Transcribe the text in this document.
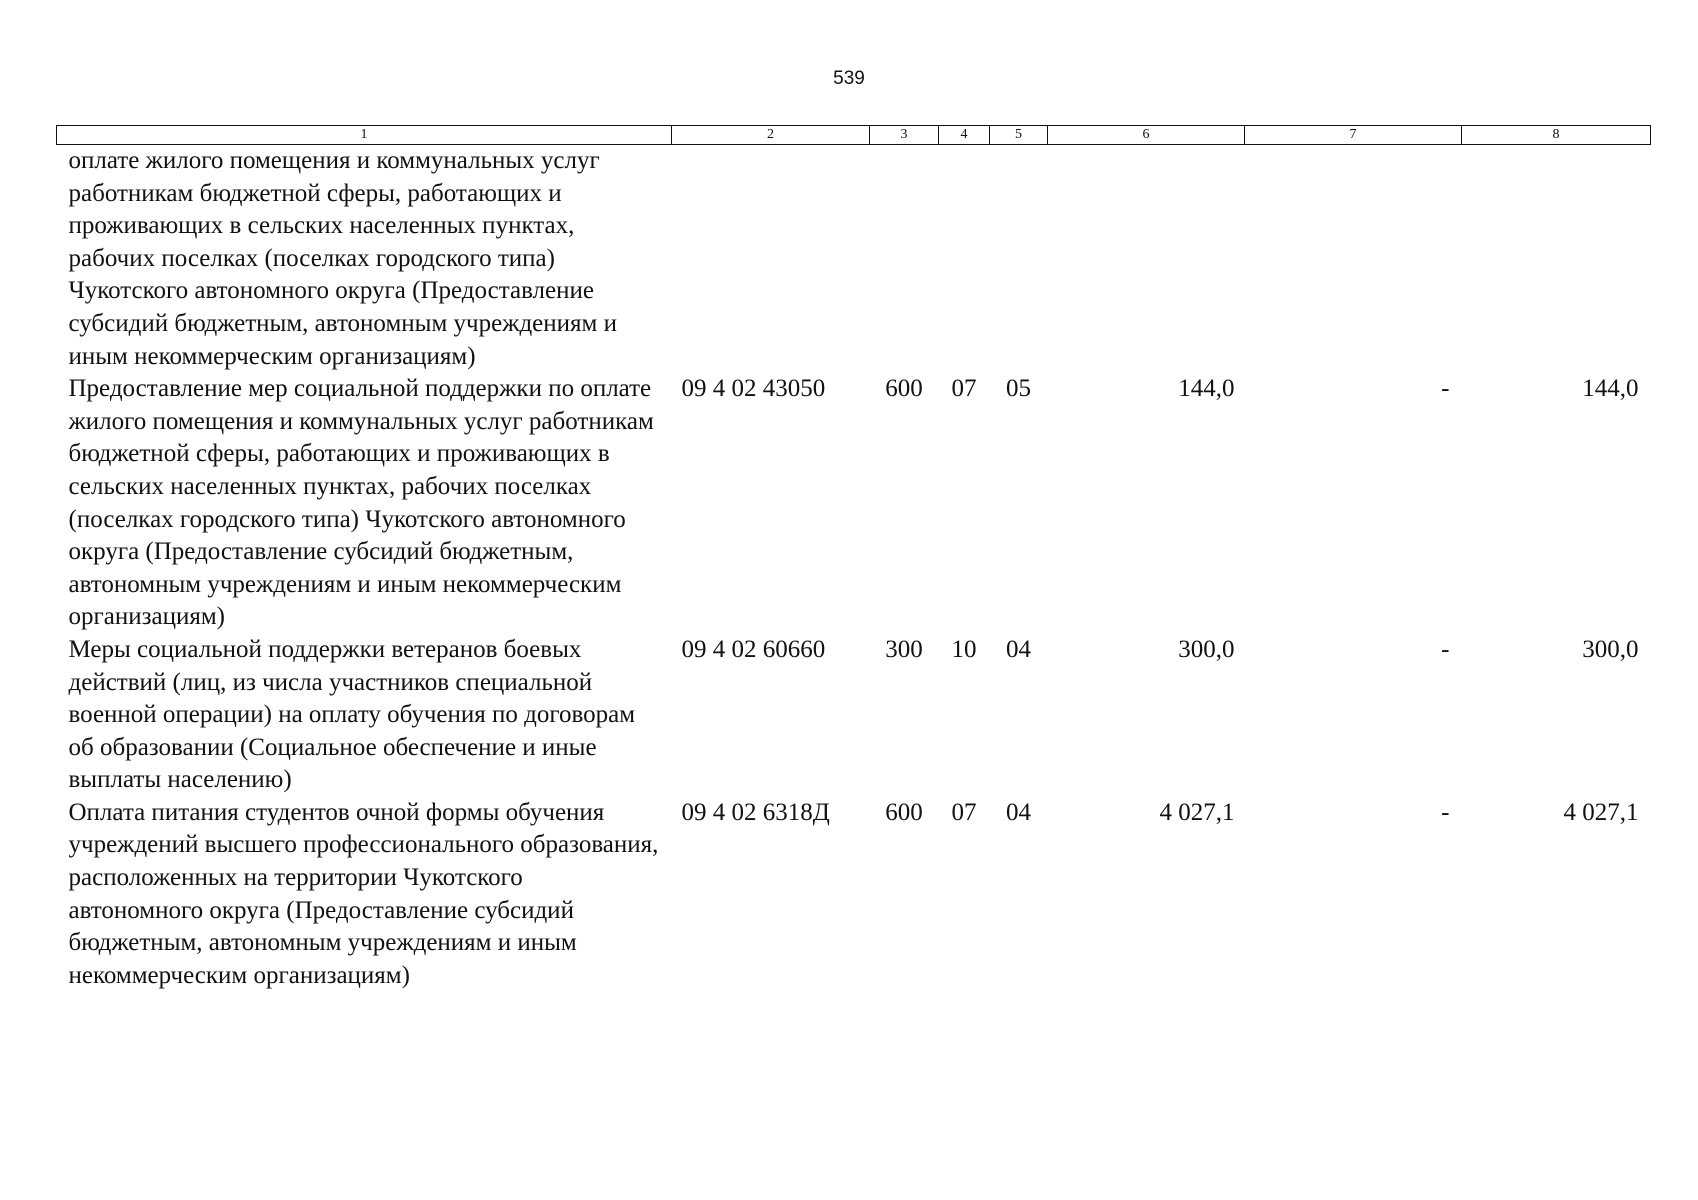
539
1	2	3	4	5	6	7	8
оплате жилого помещения и коммунальных услуг работникам бюджетной сферы, работающих и проживающих в сельских населенных пунктах, рабочих поселках (поселках городского типа) Чукотского автономного округа (Предоставление субсидий бюджетным, автономным учреждениям и иным некоммерческим организациям)							
Предоставление мер социальной поддержки по оплате жилого помещения и коммунальных услуг работникам бюджетной сферы, работающих и проживающих в сельских населенных пунктах, рабочих поселках (поселках городского типа) Чукотского автономного округа (Предоставление субсидий бюджетным, автономным учреждениям и иным некоммерческим организациям)	09 4 02 43050	600	07	05	144,0	-	144,0
Меры социальной поддержки ветеранов боевых действий (лиц, из числа участников специальной военной операции) на оплату обучения по договорам об образовании (Социальное обеспечение и иные выплаты населению)	09 4 02 60660	300	10	04	300,0	-	300,0
Оплата питания студентов очной формы обучения учреждений высшего профессионального образования, расположенных на территории Чукотского автономного округа (Предоставление субсидий бюджетным, автономным учреждениям и иным некоммерческим организациям)	09 4 02 6318Д	600	07	04	4 027,1	-	4 027,1
